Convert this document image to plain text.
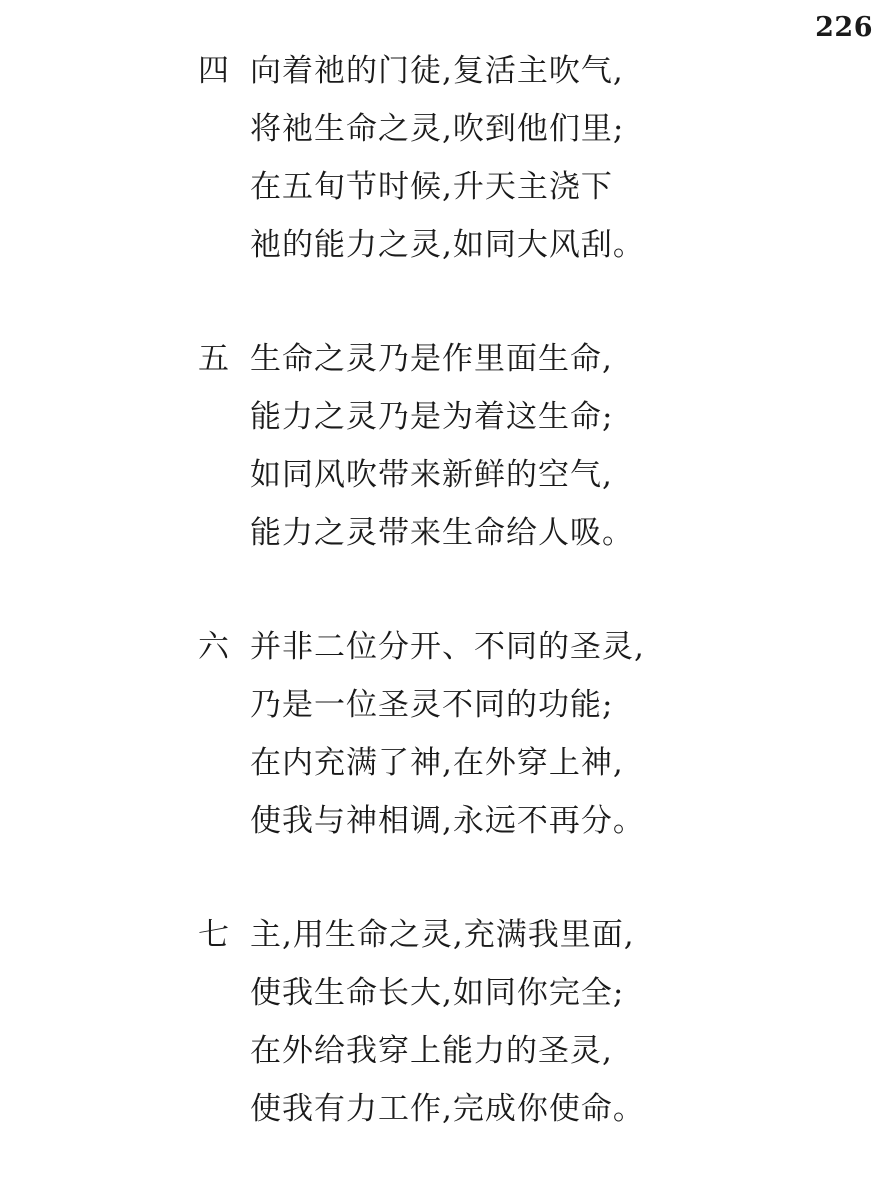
226
四 向着祂的门徒,复活主吹气,
将祂生命之灵,吹到他们里;
在五旬节时候,升天主浇下
祂的能力之灵,如同大风刮。
五 生命之灵乃是作里面生命,
能力之灵乃是为着这生命;
如同风吹带来新鲜的空气,
能力之灵带来生命给人吸。
六 并非二位分开、不同的圣灵,
乃是一位圣灵不同的功能;
在内充满了神,在外穿上神,
使我与神相调,永远不再分。
七 主,用生命之灵,充满我里面,
使我生命长大,如同你完全;
在外给我穿上能力的圣灵,
使我有力工作,完成你使命。
